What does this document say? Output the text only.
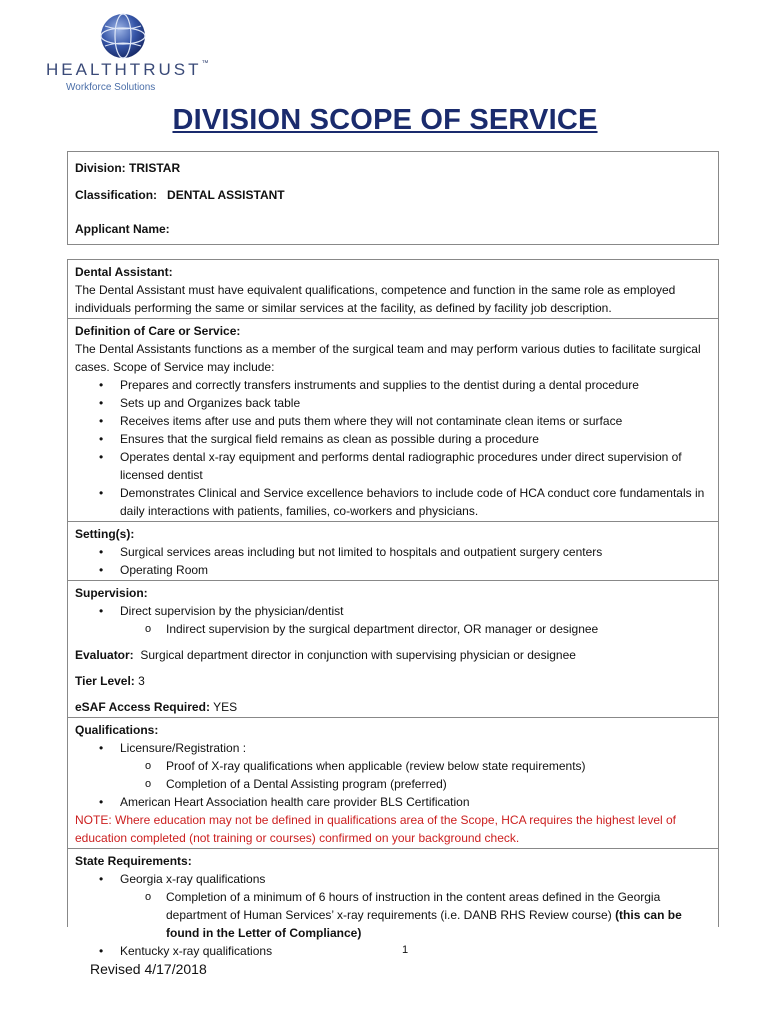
HEALTHTRUST™
Workforce Solutions
DIVISION SCOPE OF SERVICE
Division: TRISTAR
Classification: DENTAL ASSISTANT
Applicant Name:
Dental Assistant:
The Dental Assistant must have equivalent qualifications, competence and function in the same role as employed individuals performing the same or similar services at the facility, as defined by facility job description.
Definition of Care or Service:
The Dental Assistants functions as a member of the surgical team and may perform various duties to facilitate surgical cases. Scope of Service may include:
• Prepares and correctly transfers instruments and supplies to the dentist during a dental procedure
• Sets up and Organizes back table
• Receives items after use and puts them where they will not contaminate clean items or surface
• Ensures that the surgical field remains as clean as possible during a procedure
• Operates dental x-ray equipment and performs dental radiographic procedures under direct supervision of licensed dentist
• Demonstrates Clinical and Service excellence behaviors to include code of HCA conduct core fundamentals in daily interactions with patients, families, co-workers and physicians.
Setting(s):
• Surgical services areas including but not limited to hospitals and outpatient surgery centers
• Operating Room
Supervision:
• Direct supervision by the physician/dentist
o Indirect supervision by the surgical department director, OR manager or designee
Evaluator: Surgical department director in conjunction with supervising physician or designee
Tier Level: 3
eSAF Access Required: YES
Qualifications:
• Licensure/Registration :
o Proof of X-ray qualifications when applicable (review below state requirements)
o Completion of a Dental Assisting program (preferred)
• American Heart Association health care provider BLS Certification
NOTE: Where education may not be defined in qualifications area of the Scope, HCA requires the highest level of education completed (not training or courses) confirmed on your background check.
State Requirements:
• Georgia x-ray qualifications
o Completion of a minimum of 6 hours of instruction in the content areas defined in the Georgia department of Human Services’ x-ray requirements (i.e. DANB RHS Review course) (this can be found in the Letter of Compliance)
• Kentucky x-ray qualifications	1
Revised 4/17/2018
